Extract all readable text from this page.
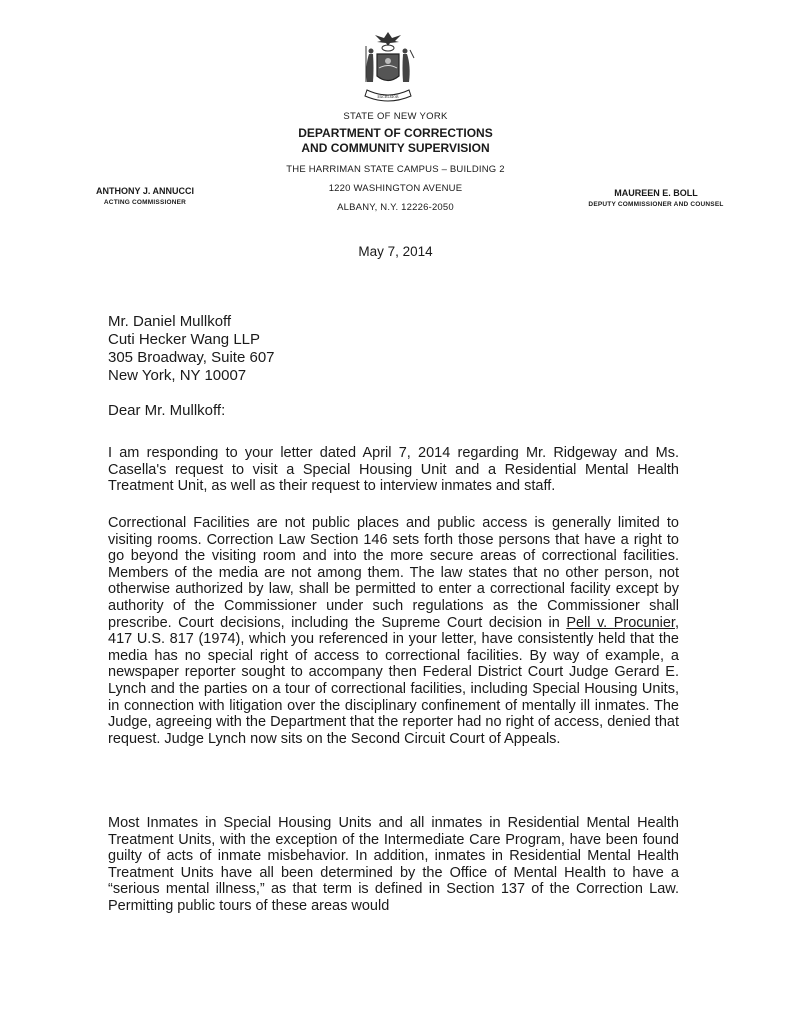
EXCELSIOR
STATE OF NEW YORK
DEPARTMENT OF CORRECTIONS
AND COMMUNITY SUPERVISION
THE HARRIMAN STATE CAMPUS – BUILDING 2
1220 WASHINGTON AVENUE
ALBANY, N.Y. 12226-2050
ANTHONY J. ANNUCCI
ACTING COMMISSIONER
MAUREEN E. BOLL
DEPUTY COMMISSIONER AND COUNSEL
May 7, 2014
Mr. Daniel Mullkoff
Cuti Hecker Wang LLP
305 Broadway, Suite 607
New York, NY 10007
Dear Mr. Mullkoff:

I am responding to your letter dated April 7, 2014 regarding Mr. Ridgeway and Ms. Casella's request to visit a Special Housing Unit and a Residential Mental Health Treatment Unit, as well as their request to interview inmates and staff.

Correctional Facilities are not public places and public access is generally limited to visiting rooms. Correction Law Section 146 sets forth those persons that have a right to go beyond the visiting room and into the more secure areas of correctional facilities. Members of the media are not among them. The law states that no other person, not otherwise authorized by law, shall be permitted to enter a correctional facility except by authority of the Commissioner under such regulations as the Commissioner shall prescribe. Court decisions, including the Supreme Court decision in Pell v. Procunier, 417 U.S. 817 (1974), which you referenced in your letter, have consistently held that the media has no special right of access to correctional facilities. By way of example, a newspaper reporter sought to accompany then Federal District Court Judge Gerard E. Lynch and the parties on a tour of correctional facilities, including Special Housing Units, in connection with litigation over the disciplinary confinement of mentally ill inmates. The Judge, agreeing with the Department that the reporter had no right of access, denied that request. Judge Lynch now sits on the Second Circuit Court of Appeals.

Most Inmates in Special Housing Units and all inmates in Residential Mental Health Treatment Units, with the exception of the Intermediate Care Program, have been found guilty of acts of inmate misbehavior. In addition, inmates in Residential Mental Health Treatment Units have all been determined by the Office of Mental Health to have a “serious mental illness,” as that term is defined in Section 137 of the Correction Law. Permitting public tours of these areas would
